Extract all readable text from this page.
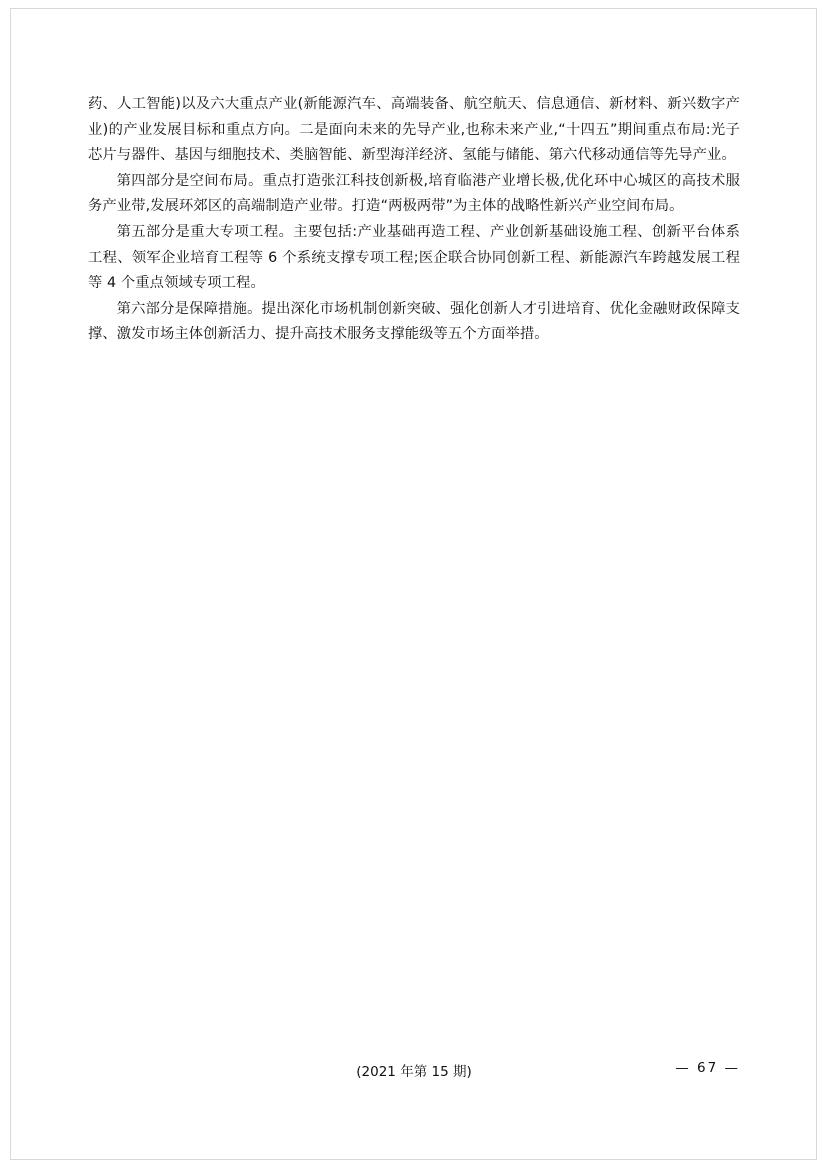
药、人工智能)以及六大重点产业(新能源汽车、高端装备、航空航天、信息通信、新材料、新兴数字产业)的产业发展目标和重点方向。二是面向未来的先导产业,也称未来产业,“十四五”期间重点布局:光子芯片与器件、基因与细胞技术、类脑智能、新型海洋经济、氢能与储能、第六代移动通信等先导产业。

第四部分是空间布局。重点打造张江科技创新极,培育临港产业增长极,优化环中心城区的高技术服务产业带,发展环郊区的高端制造产业带。打造“两极两带”为主体的战略性新兴产业空间布局。

第五部分是重大专项工程。主要包括:产业基础再造工程、产业创新基础设施工程、创新平台体系工程、领军企业培育工程等 6 个系统支撑专项工程;医企联合协同创新工程、新能源汽车跨越发展工程等 4 个重点领域专项工程。

第六部分是保障措施。提出深化市场机制创新突破、强化创新人才引进培育、优化金融财政保障支撑、激发市场主体创新活力、提升高技术服务支撑能级等五个方面举措。

(2021 年第 15 期)	— 67 —
